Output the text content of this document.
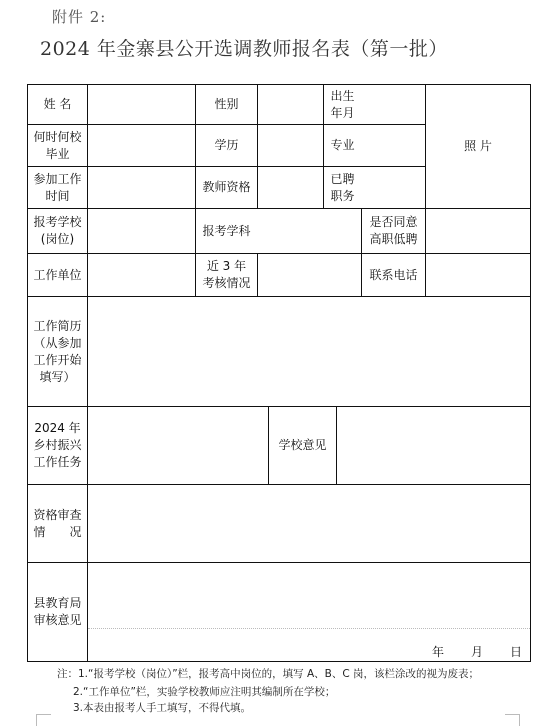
附件 2:
2024 年金寨县公开选调教师报名表（第一批）
姓 名	性别
出生
年月
照 片
何时何校
毕业
学历	专业
参加工作
时间
教师资格
已聘
职务
报考学校
(岗位)
报考学科
是否同意
高职低聘
工作单位
近 3 年
考核情况
联系电话
工作简历
（从参加
工作开始
填写）
2024 年
乡村振兴
工作任务
学校意见
资格审查
情　　况
县教育局
审核意见
年 月 日
注：1.“报考学校（岗位）”栏，报考高中岗位的，填写 A、B、C 岗，该栏涂改的视为废表；
2.“工作单位”栏，实验学校教师应注明其编制所在学校；
3.本表由报考人手工填写，不得代填。
